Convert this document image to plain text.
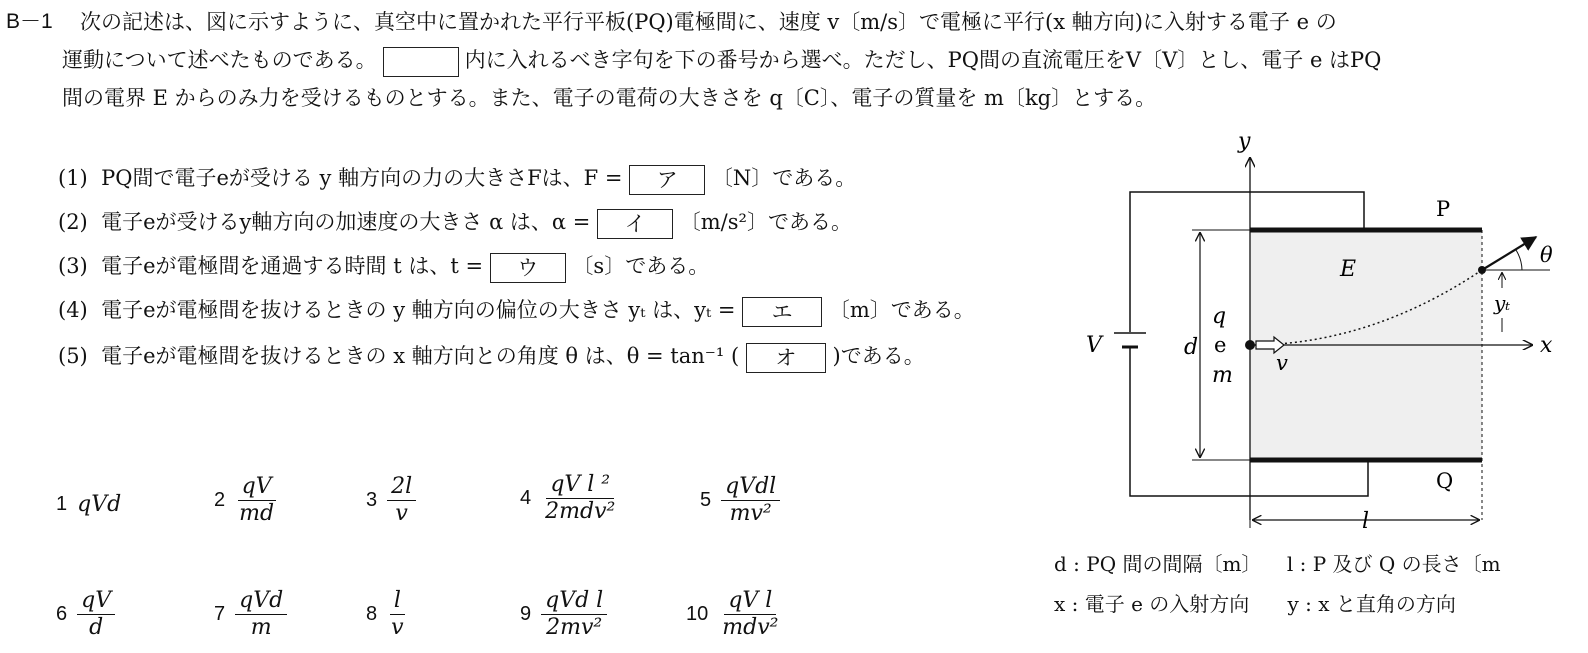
B－1 次の記述は、図に示すように、真空中に置かれた平行平板(PQ)電極間に、速度 v〔m/s〕で電極に平行(x 軸方向)に入射する電子 e の
運動について述べたものである。	内に入れるべき字句を下の番号から選べ。ただし、PQ間の直流電圧をV〔V〕とし、電子 e はPQ
間の電界 E からのみ力を受けるものとする。また、電子の電荷の大きさを q〔C〕、電子の質量を m〔kg〕とする。
(1) PQ間で電子eが受ける y 軸方向の力の大きさFは、F = ア 〔N〕である。
(2) 電子eが受けるy軸方向の加速度の大きさ α は、α = イ 〔m/s²〕である。
(3) 電子eが電極間を通過する時間 t は、t = ウ 〔s〕である。
(4) 電子eが電極間を抜けるときの y 軸方向の偏位の大きさ yₜ は、yₜ = エ 〔m〕である。
(5) 電子eが電極間を抜けるときの x 軸方向との角度 θ は、θ = tan⁻¹ ( オ )である。
1 qVd	$2 \frac{qV}{md}$	$3 \frac{2l}{v}$	$4 \frac{\text{qV l ²}}{\text{2mdv²}}$	$5 \frac{\text{qVdl}}{\text{mv²}}$
$6 \frac{qV}{d}$	$7 \frac{\text{qVd}}{m}$	$8 \frac{l}{v}$	$9 \frac{\text{qVd l}}{\text{2mv²}}$	$10 \frac{\text{qV l}}{\text{mdv²}}$
y
x
P
Q
E
θ
yₜ
V	d
q
e
m v
l
d : PQ 間の間隔〔m〕 l : P 及び Q の長さ〔m
x : 電子 e の入射方向 y : x と直角の方向
